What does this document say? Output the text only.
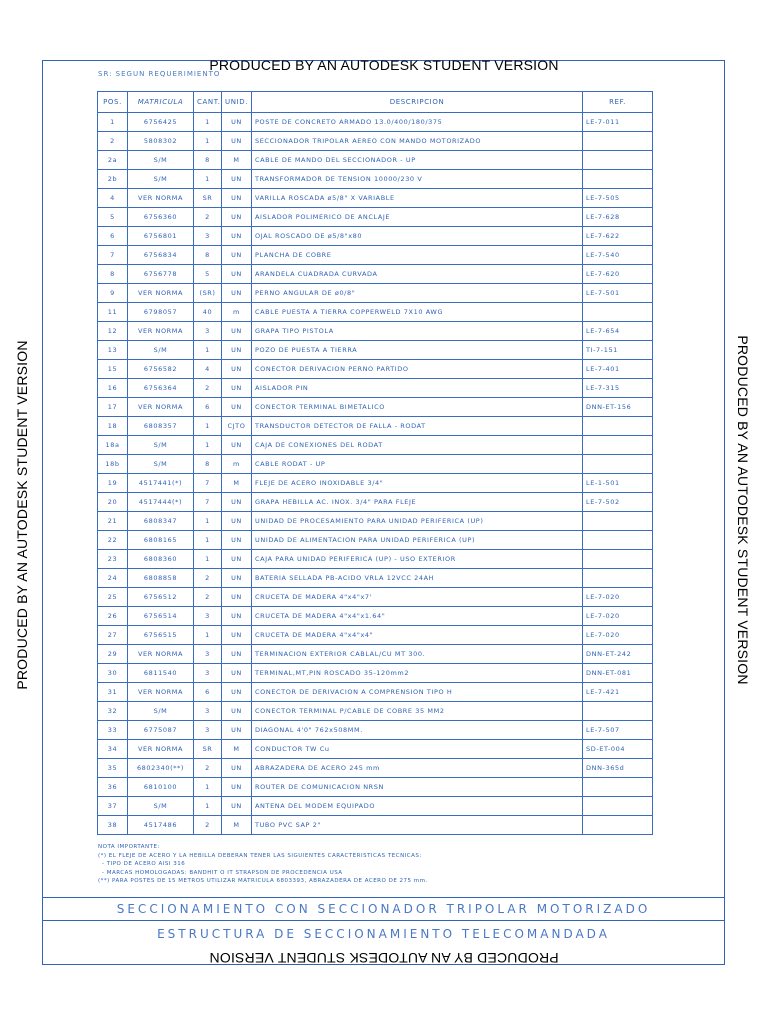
PRODUCED BY AN AUTODESK STUDENT VERSION
PRODUCED BY AN AUTODESK STUDENT VERSION
PRODUCED BY AN AUTODESK STUDENT VERSION	PRODUCED BY AN AUTODESK STUDENT VERSION
SR: SEGUN REQUERIMIENTO
POS.	MATRICULA	CANT.	UNID.	DESCRIPCION	REF.
1	6756425	1	UN	POSTE DE CONCRETO ARMADO 13.0/400/180/375	LE-7-011
2	5808302	1	UN	SECCIONADOR TRIPOLAR AEREO CON MANDO MOTORIZADO	
2a	S/M	8	M	CABLE DE MANDO DEL SECCIONADOR - UP	
2b	S/M	1	UN	TRANSFORMADOR DE TENSION 10000/230 V	
4	VER NORMA	SR	UN	VARILLA ROSCADA ø5/8" X VARIABLE	LE-7-505
5	6756360	2	UN	AISLADOR POLIMERICO DE ANCLAJE	LE-7-628
6	6756801	3	UN	OJAL ROSCADO DE ø5/8"x80	LE-7-622
7	6756834	8	UN	PLANCHA DE COBRE	LE-7-540
8	6756778	5	UN	ARANDELA CUADRADA CURVADA	LE-7-620
9	VER NORMA	(SR)	UN	PERNO ANGULAR DE ø0/8"	LE-7-501
11	6798057	40	m	CABLE PUESTA A TIERRA COPPERWELD 7X10 AWG	
12	VER NORMA	3	UN	GRAPA TIPO PISTOLA	LE-7-654
13	S/M	1	UN	POZO DE PUESTA A TIERRA	TI-7-151
15	6756582	4	UN	CONECTOR DERIVACION PERNO PARTIDO	LE-7-401
16	6756364	2	UN	AISLADOR PIN	LE-7-315
17	VER NORMA	6	UN	CONECTOR TERMINAL BIMETALICO	DNN-ET-156
18	6808357	1	CJTO	TRANSDUCTOR DETECTOR DE FALLA - RODAT	
18a	S/M	1	UN	CAJA DE CONEXIONES DEL RODAT	
18b	S/M	8	m	CABLE RODAT - UP	
19	4517441(*)	7	M	FLEJE DE ACERO INOXIDABLE 3/4"	LE-1-501
20	4517444(*)	7	UN	GRAPA HEBILLA AC. INOX. 3/4" PARA FLEJE	LE-7-502
21	6808347	1	UN	UNIDAD DE PROCESAMIENTO PARA UNIDAD PERIFERICA (UP)	
22	6808165	1	UN	UNIDAD DE ALIMENTACION PARA UNIDAD PERIFERICA (UP)	
23	6808360	1	UN	CAJA PARA UNIDAD PERIFERICA (UP) - USO EXTERIOR	
24	6808858	2	UN	BATERIA SELLADA PB-ACIDO VRLA 12VCC 24AH	
25	6756512	2	UN	CRUCETA DE MADERA 4"x4"x7'	LE-7-020
26	6756514	3	UN	CRUCETA DE MADERA 4"x4"x1.64"	LE-7-020
27	6756515	1	UN	CRUCETA DE MADERA 4"x4"x4"	LE-7-020
29	VER NORMA	3	UN	TERMINACION EXTERIOR CABLAL/CU MT 300.	DNN-ET-242
30	6811540	3	UN	TERMINAL,MT,PIN ROSCADO 35-120mm2	DNN-ET-081
31	VER NORMA	6	UN	CONECTOR DE DERIVACION A COMPRENSION TIPO H	LE-7-421
32	S/M	3	UN	CONECTOR TERMINAL P/CABLE DE COBRE 35 MM2	
33	6775087	3	UN	DIAGONAL 4'0" 762x508MM.	LE-7-507
34	VER NORMA	SR	M	CONDUCTOR TW Cu	SD-ET-004
35	6802340(**)	2	UN	ABRAZADERA DE ACERO 245 mm	DNN-365d
36	6810100	1	UN	ROUTER DE COMUNICACION NRSN	
37	S/M	1	UN	ANTENA DEL MODEM EQUIPADO	
38	4517486	2	M	TUBO PVC SAP 2"	
NOTA IMPORTANTE:
(*) EL FLEJE DE ACERO Y LA HEBILLA DEBERAN TENER LAS SIGUIENTES CARACTERISTICAS TECNICAS:
- TIPO DE ACERO AISI 316
- MARCAS HOMOLOGADAS: BANDHIT O IT STRAPSON DE PROCEDENCIA USA
(**) PARA POSTES DE 15 METROS UTILIZAR MATRICULA 6803393, ABRAZADERA DE ACERO DE 275 mm.
SECCIONAMIENTO CON SECCIONADOR TRIPOLAR MOTORIZADO
ESTRUCTURA DE SECCIONAMIENTO TELECOMANDADA
